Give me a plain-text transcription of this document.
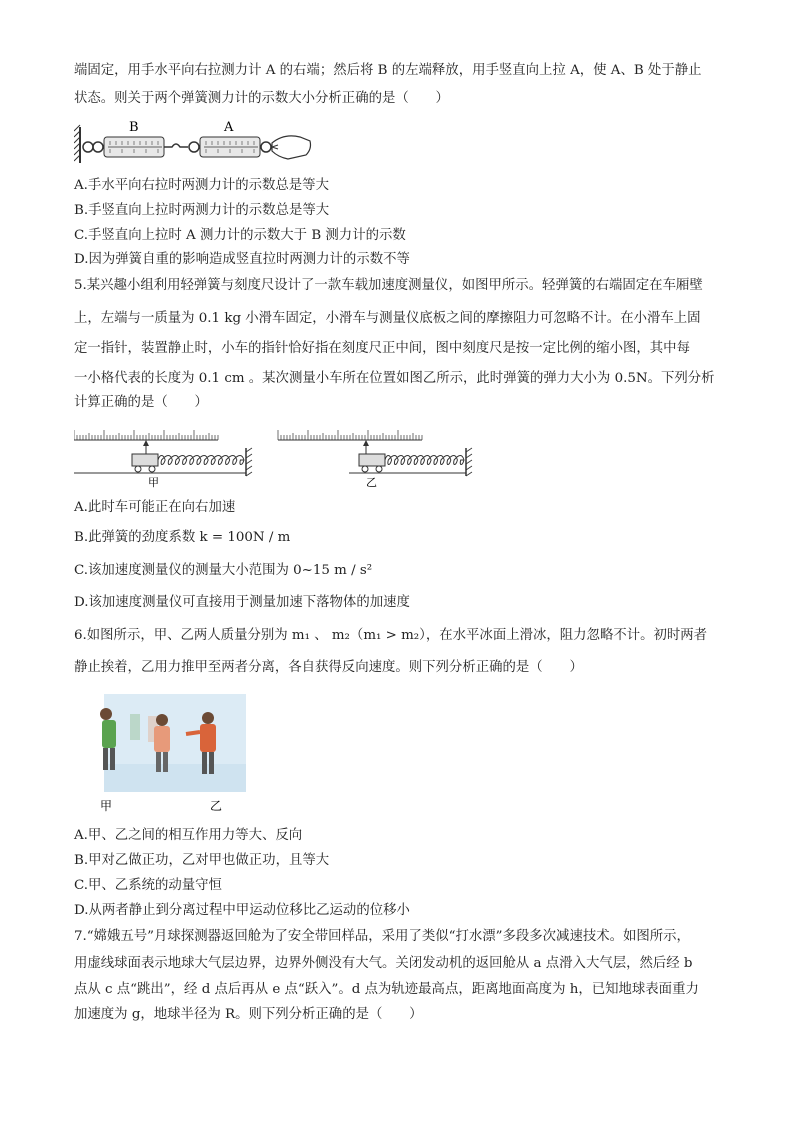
端固定，用手水平向右拉测力计 A 的右端；然后将 B 的左端释放，用手竖直向上拉 A，使 A、B 处于静止
状态。则关于两个弹簧测力计的示数大小分析正确的是（　　）
B	A
A.手水平向右拉时两测力计的示数总是等大
B.手竖直向上拉时两测力计的示数总是等大
C.手竖直向上拉时 A 测力计的示数大于 B 测力计的示数
D.因为弹簧自重的影响造成竖直拉时两测力计的示数不等
5.某兴趣小组利用轻弹簧与刻度尺设计了一款车载加速度测量仪，如图甲所示。轻弹簧的右端固定在车厢壁
上，左端与一质量为 0.1 kg 小滑车固定，小滑车与测量仪底板之间的摩擦阻力可忽略不计。在小滑车上固
定一指针，装置静止时，小车的指针恰好指在刻度尺正中间，图中刻度尺是按一定比例的缩小图，其中每
一小格代表的长度为 0.1 cm 。某次测量小车所在位置如图乙所示，此时弹簧的弹力大小为 0.5N。下列分析
计算正确的是（　　）
甲	乙
A.此时车可能正在向右加速
B.此弹簧的劲度系数 k = 100N / m
C.该加速度测量仪的测量大小范围为 0~15 m / s²
D.该加速度测量仪可直接用于测量加速下落物体的加速度
6.如图所示，甲、乙两人质量分别为 m₁ 、 m₂（m₁ > m₂），在水平冰面上滑冰，阻力忽略不计。初时两者
静止挨着，乙用力推甲至两者分离，各自获得反向速度。则下列分析正确的是（　　）
甲	乙
A.甲、乙之间的相互作用力等大、反向
B.甲对乙做正功，乙对甲也做正功，且等大
C.甲、乙系统的动量守恒
D.从两者静止到分离过程中甲运动位移比乙运动的位移小
7.“嫦娥五号”月球探测器返回舱为了安全带回样品，采用了类似“打水漂”多段多次减速技术。如图所示，
用虚线球面表示地球大气层边界，边界外侧没有大气。关闭发动机的返回舱从 a 点滑入大气层，然后经 b
点从 c 点“跳出”，经 d 点后再从 e 点“跃入”。d 点为轨迹最高点，距离地面高度为 h，已知地球表面重力
加速度为 g，地球半径为 R。则下列分析正确的是（　　）
